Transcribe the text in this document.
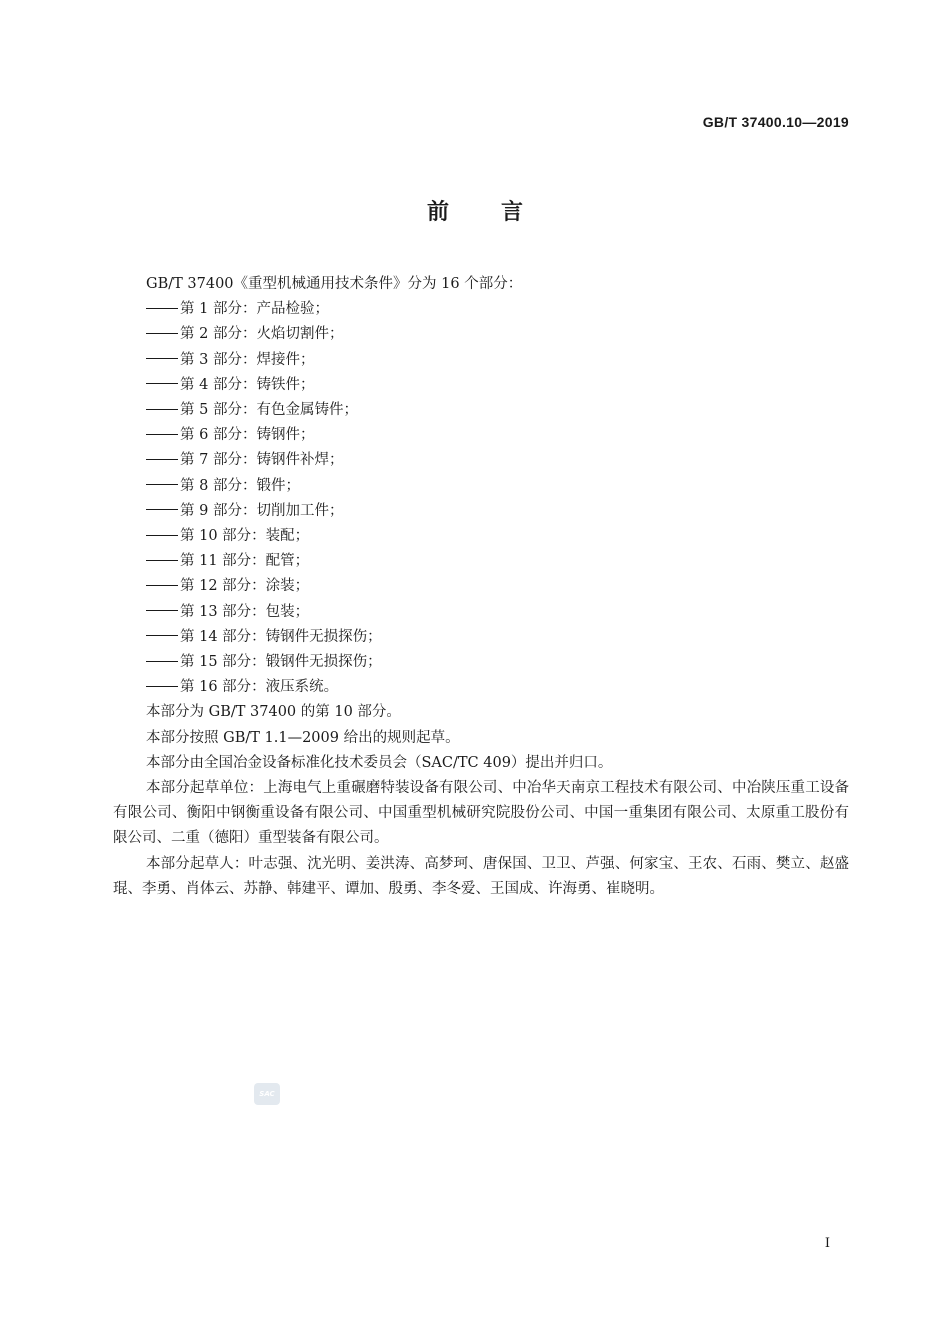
GB/T 37400.10—2019
前言

GB/T 37400《重型机械通用技术条件》分为 16 个部分：

第 1 部分：产品检验；

第 2 部分：火焰切割件；

第 3 部分：焊接件；

第 4 部分：铸铁件；

第 5 部分：有色金属铸件；

第 6 部分：铸钢件；

第 7 部分：铸钢件补焊；

第 8 部分：锻件；

第 9 部分：切削加工件；

第 10 部分：装配；

第 11 部分：配管；

第 12 部分：涂装；

第 13 部分：包装；

第 14 部分：铸钢件无损探伤；

第 15 部分：锻钢件无损探伤；

第 16 部分：液压系统。

本部分为 GB/T 37400 的第 10 部分。

本部分按照 GB/T 1.1—2009 给出的规则起草。

本部分由全国冶金设备标准化技术委员会（SAC/TC 409）提出并归口。

本部分起草单位：上海电气上重碾磨特装设备有限公司、中冶华天南京工程技术有限公司、中冶陕压重工设备有限公司、衡阳中钢衡重设备有限公司、中国重型机械研究院股份公司、中国一重集团有限公司、太原重工股份有限公司、二重（德阳）重型装备有限公司。

本部分起草人：叶志强、沈光明、姜洪涛、高梦珂、唐保国、卫卫、芦强、何家宝、王农、石雨、樊立、赵盛琨、李勇、肖体云、苏静、韩建平、谭加、殷勇、李冬爱、王国成、许海勇、崔晓明。

SAC
I
